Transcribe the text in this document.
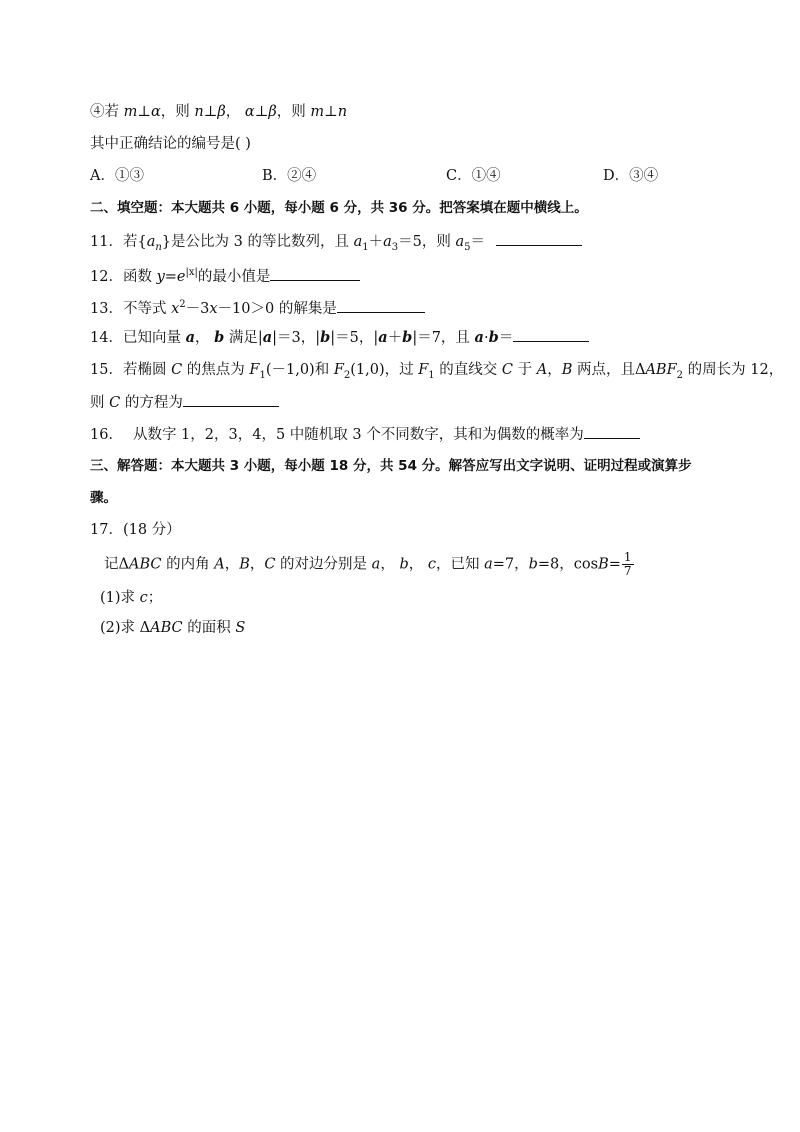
④若 m⊥α，则 n⊥β， α⊥β，则 m⊥n
其中正确结论的编号是( )
A．①③	B．②④	C．①④	D．③④
二、填空题：本大题共 6 小题，每小题 6 分，共 36 分。把答案填在题中横线上。
11．若$\{a_n\}$是公比为 3 的等比数列，且 $a_1+a_3=5$，则 $a_5=$
12．函数 $y=e^{|x|}$的最小值是
13．不等式 $x^2-3x-10>0$ 的解集是
14．已知向量 a， b 满足|a|＝3，|b|＝5，|a＋b|＝7，且 a·b＝
15．若椭圆 C 的焦点为 $F_1(-1,0)$和 $F_2(1,0)$，过 $F_1$ 的直线交 C 于 A，B 两点，且$\Delta ABF_2$ 的周长为 12，
则 C 的方程为
16． 从数字 1，2，3，4，5 中随机取 3 个不同数字，其和为偶数的概率为
三、解答题：本大题共 3 小题，每小题 18 分，共 54 分。解答应写出文字说明、证明过程或演算步
骤。
17．(18 分）
记ΔABC 的内角 A，B，C 的对边分别是 a， b， c，已知 a=7，b=8，$\cos B= \frac{1}{7}$
(1)求 c；
(2)求 ΔABC 的面积 S
